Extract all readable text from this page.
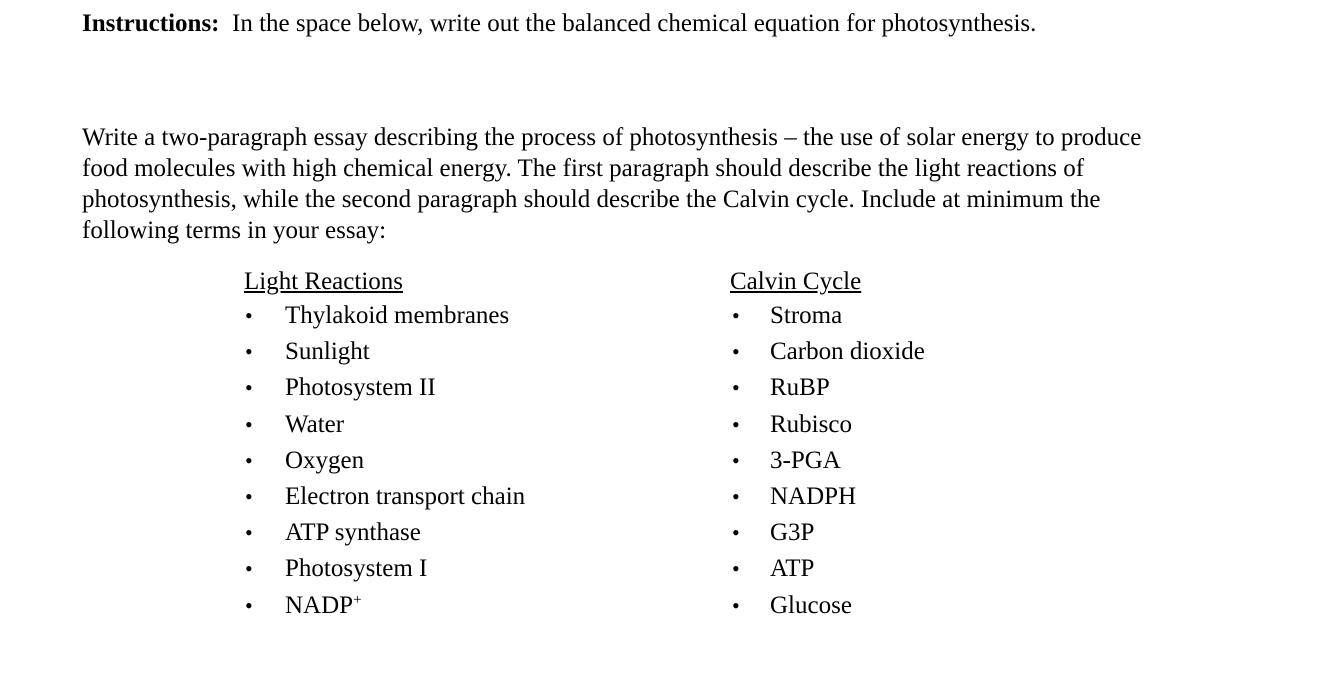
Instructions: In the space below, write out the balanced chemical equation for photosynthesis.
Write a two-paragraph essay describing the process of photosynthesis – the use of solar energy to produce
food molecules with high chemical energy. The first paragraph should describe the light reactions of
photosynthesis, while the second paragraph should describe the Calvin cycle. Include at minimum the
following terms in your essay:
Light Reactions
• Thylakoid membranes
• Sunlight
• Photosystem II
• Water
• Oxygen
• Electron transport chain
• ATP synthase
• Photosystem I
• NADP+
Calvin Cycle
• Stroma
• Carbon dioxide
• RuBP
• Rubisco
• 3-PGA
• NADPH
• G3P
• ATP
• Glucose
